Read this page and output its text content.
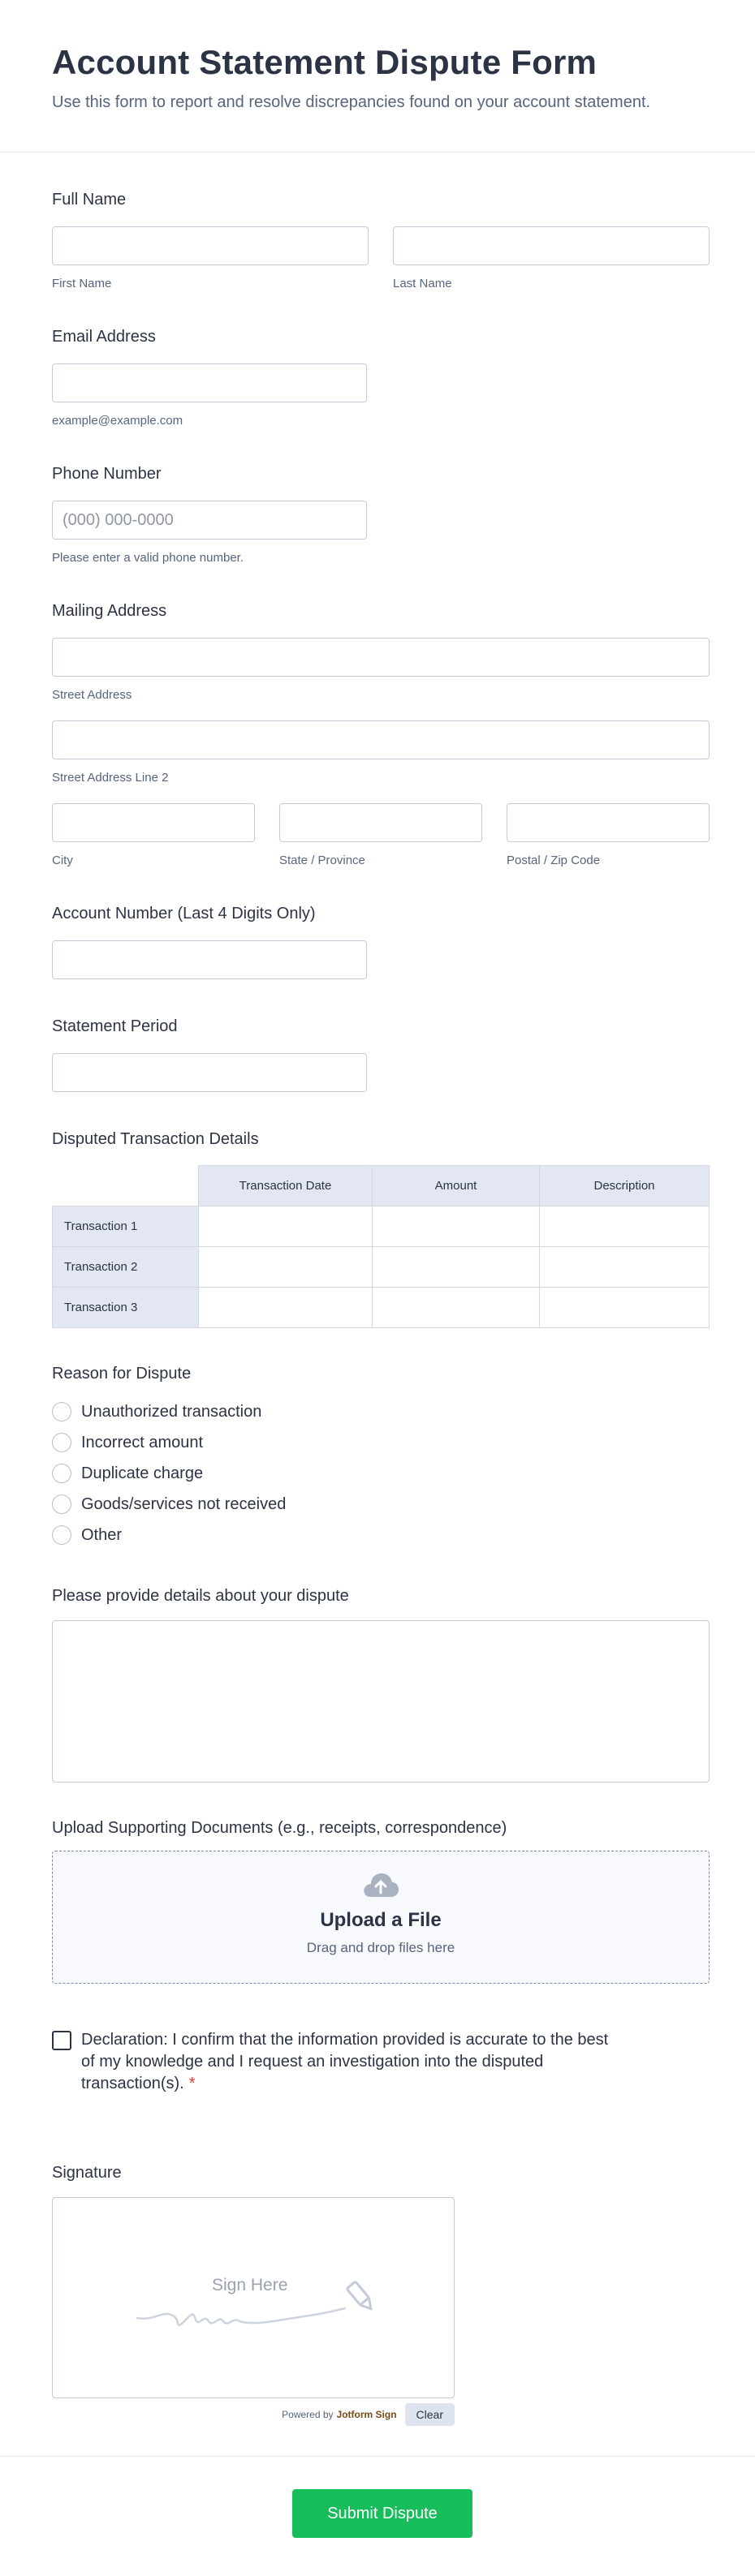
Account Statement Dispute Form

Use this form to report and resolve discrepancies found on your account statement.

Full Name
First Name	Last Name
Email Address
example@example.com
Phone Number
(000) 000-0000
Please enter a valid phone number.
Mailing Address
Street Address
Street Address Line 2
City	State / Province	Postal / Zip Code
Account Number (Last 4 Digits Only)
Statement Period
Disputed Transaction Details
	Transaction Date	Amount	Description
Transaction 1			
Transaction 2			
Transaction 3			
Reason for Dispute
Unauthorized transaction
Incorrect amount
Duplicate charge
Goods/services not received
Other
Please provide details about your dispute
Upload Supporting Documents (e.g., receipts, correspondence)
Upload a File
Drag and drop files here
Declaration: I confirm that the information provided is accurate to the best of my knowledge and I request an investigation into the disputed transaction(s). *
Signature
Sign Here
Powered by Jotform Sign	Clear
Submit Dispute
